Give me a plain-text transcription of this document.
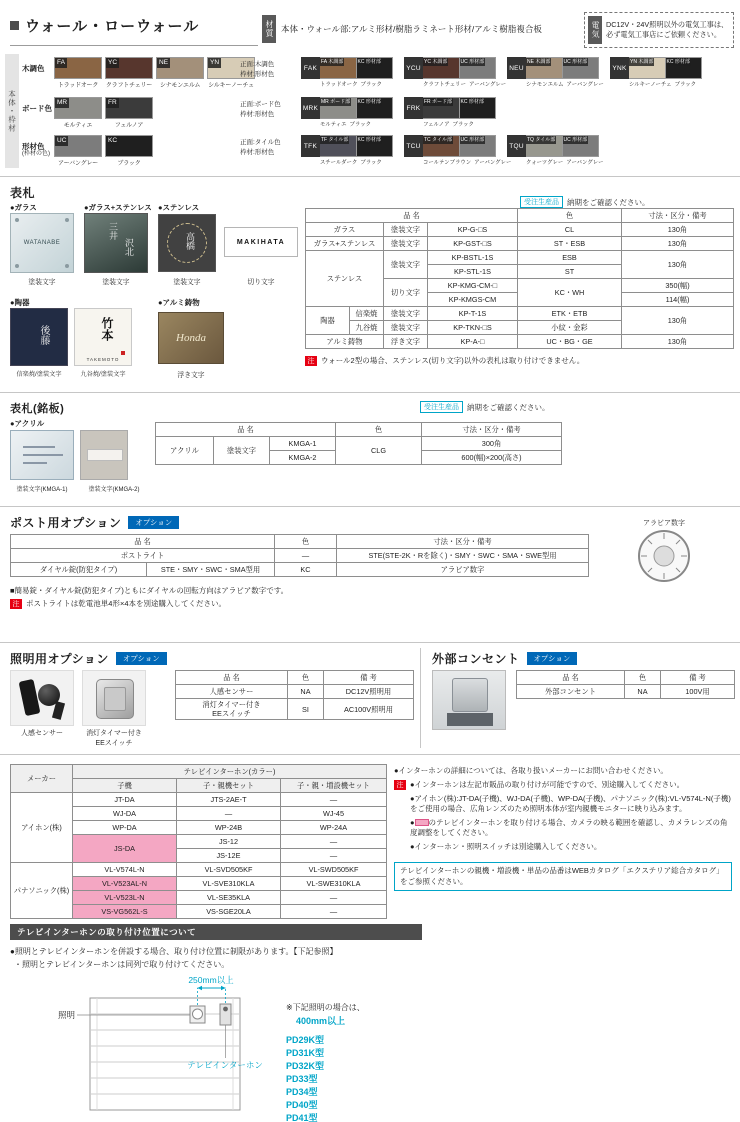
ウォール・ローウォール	材質 本体・ウォール部:アルミ形材/樹脂ラミネート形材/アルミ樹脂複合板	電気 DC12V・24V照明以外の電気工事は、
必ず電気工事店にご依頼ください。
本体・枠材
木調色
FA
トラッドオーク
YC
クラフトチェリー
NE
シナモンエルム
YN
シルキーノーチェ
正面:木調色
枠材:形材色
FAK
FA 木調部	KC 形材部
トラッドオーク ブラック
YCU
YC 木調部	UC 形材部
クラフトチェリー アーバングレー
NEU
NE 木調部	UC 形材部
シナモンエルム アーバングレー
YNK
YN 木調部	KC 形材部
シルキーノーチェ ブラック
ボード色
MR
モルティエ
FR
フェルノア
正面:ボード色
枠材:形材色
MRK
MR ボード部 KC 形材部
モルティエ ブラック
FRK
FR ボード部 KC 形材部
フェルノア ブラック
形材色
(枠材の色)
UC
アーバングレー
KC
ブラック
正面:タイル色
枠材:形材色
TFK
TF タイル部 KC 形材部
スチールダーク ブラック
TCU
TC タイル部 UC 形材部
コールテンブラウン アーバングレー
TQU
TQ タイル部 UC 形材部
クォーツグレー アーバングレー
表札
受注生産品	納期をご確認ください。
●ガラス	●ガラス+ステンレス ●ステンレス
WATANABE
三井
沢北	高橋	MAKIHATA
塗装文字	塗装文字	塗装文字	切り文字
●陶器	●アルミ鋳物
後藤	竹本
TAKEMOTO
Honda
信楽焼/塗装文字	九谷焼/塗装文字	浮き文字
品 名				色	寸法・区分・備考
ガラス		塗装文字	KP-G-□S	CL	130角
ガラス+ステンレス		塗装文字	KP-GST-□S	ST・ESB	130角
ステンレス		塗装文字	KP-BSTL-1S	ESB	130角
			KP-STL-1S	ST	
		切り文字	KP-KMG-CM-□	KC・WH	350(幅)
			KP-KMGS-CM		114(幅)
陶器	信楽焼	塗装文字	KP-T-1S	ETK・ETB	130角
	九谷焼	塗装文字	KP-TKN-□S	小紋・金彩	
アルミ鋳物		浮き文字	KP-A-□	UC・BG・GE	130角
注 ウォール2型の場合、ステンレス(切り文字)以外の表札は取り付けできません。
表札(銘板)	受注生産品	納期をご確認ください。
●アクリル
塗装文字(KMGA-1)	塗装文字(KMGA-2)
品 名			色	寸法・区分・備考
アクリル	塗装文字	KMGA-1	CLG	300角
		KMGA-2		600(幅)×200(高さ)
ポスト用オプション	オプション
品 名		色	寸法・区分・備考
ポストライト		—	STE(STE-2K・Rを除く)・SMY・SWC・SMA・SWE型用
ダイヤル錠(防犯タイプ)	STE・SMY・SWC・SMA型用	KC	アラビア数字
アラビア数字
■簡易錠・ダイヤル錠(防犯タイプ)ともにダイヤルの回転方向はアラビア数字です。
注 ポストライトは乾電池単4形×4本を別途購入してください。
照明用オプション	オプション
人感センサー	消灯タイマー付き
EEスイッチ
品 名	色	備 考
人感センサー	NA	DC12V照明用

消灯タイマー付き
EEスイッチ	SI	AC100V照明用
外部コンセント	オプション
品 名	色	備 考
外部コンセント	NA	100V用
メーカー	テレビインターホン(カラー)		
	子機	子・親機セット	子・親・増設機セット
アイホン(株)	JT-DA	JTS-2AE-T	—
	WJ-DA	—	WJ-45
	WP-DA	WP-24B	WP-24A
	JS-DA	JS-12	—
		JS-12E	—
パナソニック(株)	VL-V574L-N	VL-SVD505KF	VL-SWD505KF
	VL-V523AL-N	VL-SVE310KLA	VL-SWE310KLA
	VL-V523L-N	VL-SE35KLA	—
	VS-VG562L-S	VS-SGE20LA	—
●インターホンの詳細については、各取り扱いメーカーにお問い合わせください。
注 ●インターホンは左記市販品の取り付けが可能ですので、別途購入してください。
●アイホン(株):JT-DA(子機)、WJ-DA(子機)、WP-DA(子機)、パナソニック(株):VL-V574L-N(子機)をご使用の場合、広角レンズのため照明本体が室内親機モニターに映り込みます。
● のテレビインターホンを取り付ける場合、カメラの映る範囲を確認し、カメラレンズの角度調整をしてください。
●インターホン・照明スイッチは別途購入してください。
テレビインターホンの親機・増設機・単品の品番はWEBカタログ「エクステリア総合カタログ」をご参照ください。
テレビインターホンの取り付け位置について
●照明とテレビインターホンを併設する場合、取り付け位置に制限があります。【下記参照】
・照明とテレビインターホンは同列で取り付けてください。
250mm以上
照明
テレビインターホン
※下記照明の場合は、
400mm以上
PD29K型
PD31K型
PD32K型
PD33型
PD34型
PD40型
PD41型
